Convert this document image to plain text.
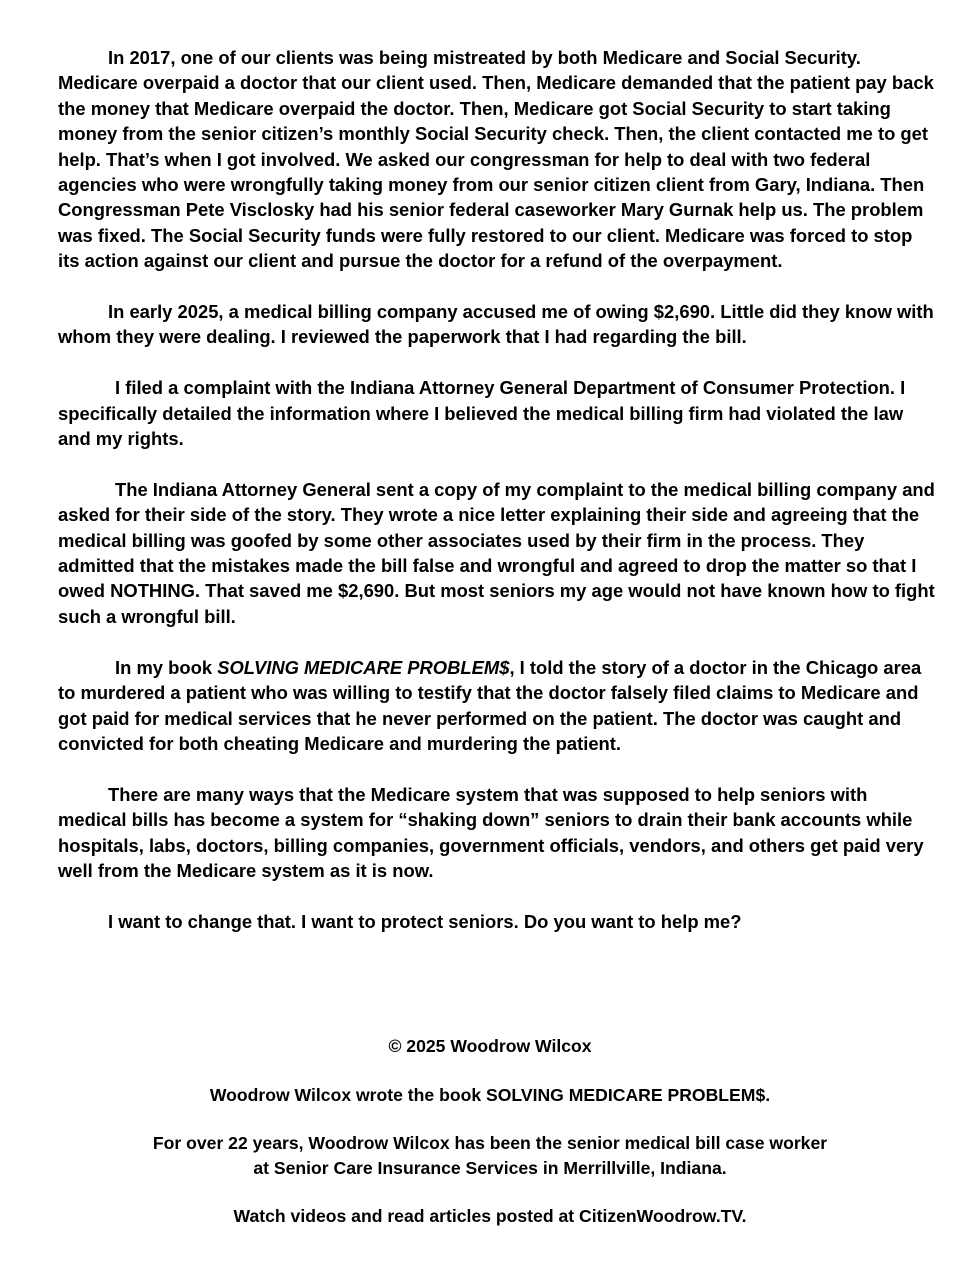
In 2017, one of our clients was being mistreated by both Medicare and Social Security. Medicare overpaid a doctor that our client used. Then, Medicare demanded that the patient pay back the money that Medicare overpaid the doctor. Then, Medicare got Social Security to start taking money from the senior citizen’s monthly Social Security check. Then, the client contacted me to get help. That’s when I got involved. We asked our congressman for help to deal with two federal agencies who were wrongfully taking money from our senior citizen client from Gary, Indiana. Then Congressman Pete Visclosky had his senior federal caseworker Mary Gurnak help us. The problem was fixed. The Social Security funds were fully restored to our client. Medicare was forced to stop its action against our client and pursue the doctor for a refund of the overpayment.

In early 2025, a medical billing company accused me of owing $2,690. Little did they know with whom they were dealing. I reviewed the paperwork that I had regarding the bill.

I filed a complaint with the Indiana Attorney General Department of Consumer Protection. I specifically detailed the information where I believed the medical billing firm had violated the law and my rights.

The Indiana Attorney General sent a copy of my complaint to the medical billing company and asked for their side of the story. They wrote a nice letter explaining their side and agreeing that the medical billing was goofed by some other associates used by their firm in the process. They admitted that the mistakes made the bill false and wrongful and agreed to drop the matter so that I owed NOTHING. That saved me $2,690. But most seniors my age would not have known how to fight such a wrongful bill.

In my book SOLVING MEDICARE PROBLEM$, I told the story of a doctor in the Chicago area to murdered a patient who was willing to testify that the doctor falsely filed claims to Medicare and got paid for medical services that he never performed on the patient. The doctor was caught and convicted for both cheating Medicare and murdering the patient.

There are many ways that the Medicare system that was supposed to help seniors with medical bills has become a system for “shaking down” seniors to drain their bank accounts while hospitals, labs, doctors, billing companies, government officials, vendors, and others get paid very well from the Medicare system as it is now.

I want to change that. I want to protect seniors. Do you want to help me?

© 2025 Woodrow Wilcox

Woodrow Wilcox wrote the book SOLVING MEDICARE PROBLEM$.

For over 22 years, Woodrow Wilcox has been the senior medical bill case worker
at Senior Care Insurance Services in Merrillville, Indiana.

Watch videos and read articles posted at CitizenWoodrow.TV.
